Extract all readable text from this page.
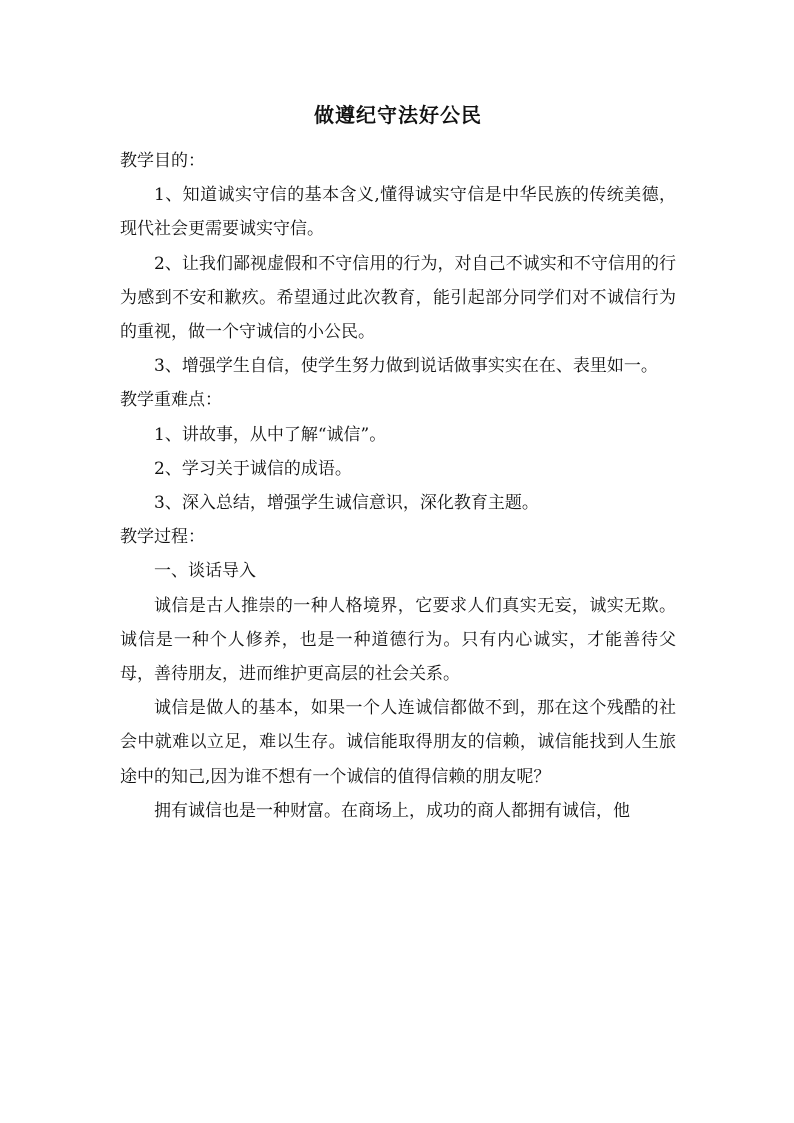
做遵纪守法好公民

教学目的：

1、知道诚实守信的基本含义,懂得诚实守信是中华民族的传统美德，现代社会更需要诚实守信。

2、让我们鄙视虚假和不守信用的行为，对自己不诚实和不守信用的行为感到不安和歉疚。希望通过此次教育，能引起部分同学们对不诚信行为的重视，做一个守诚信的小公民。

3、增强学生自信，使学生努力做到说话做事实实在在、表里如一。

教学重难点：

1、讲故事，从中了解“诚信”。

2、学习关于诚信的成语。

3、深入总结，增强学生诚信意识，深化教育主题。

教学过程：

一、谈话导入

诚信是古人推崇的一种人格境界，它要求人们真实无妄，诚实无欺。诚信是一种个人修养，也是一种道德行为。只有内心诚实，才能善待父母，善待朋友，进而维护更高层的社会关系。

诚信是做人的基本，如果一个人连诚信都做不到，那在这个残酷的社会中就难以立足，难以生存。诚信能取得朋友的信赖，诚信能找到人生旅途中的知己,因为谁不想有一个诚信的值得信赖的朋友呢？

拥有诚信也是一种财富。在商场上，成功的商人都拥有诚信，他
